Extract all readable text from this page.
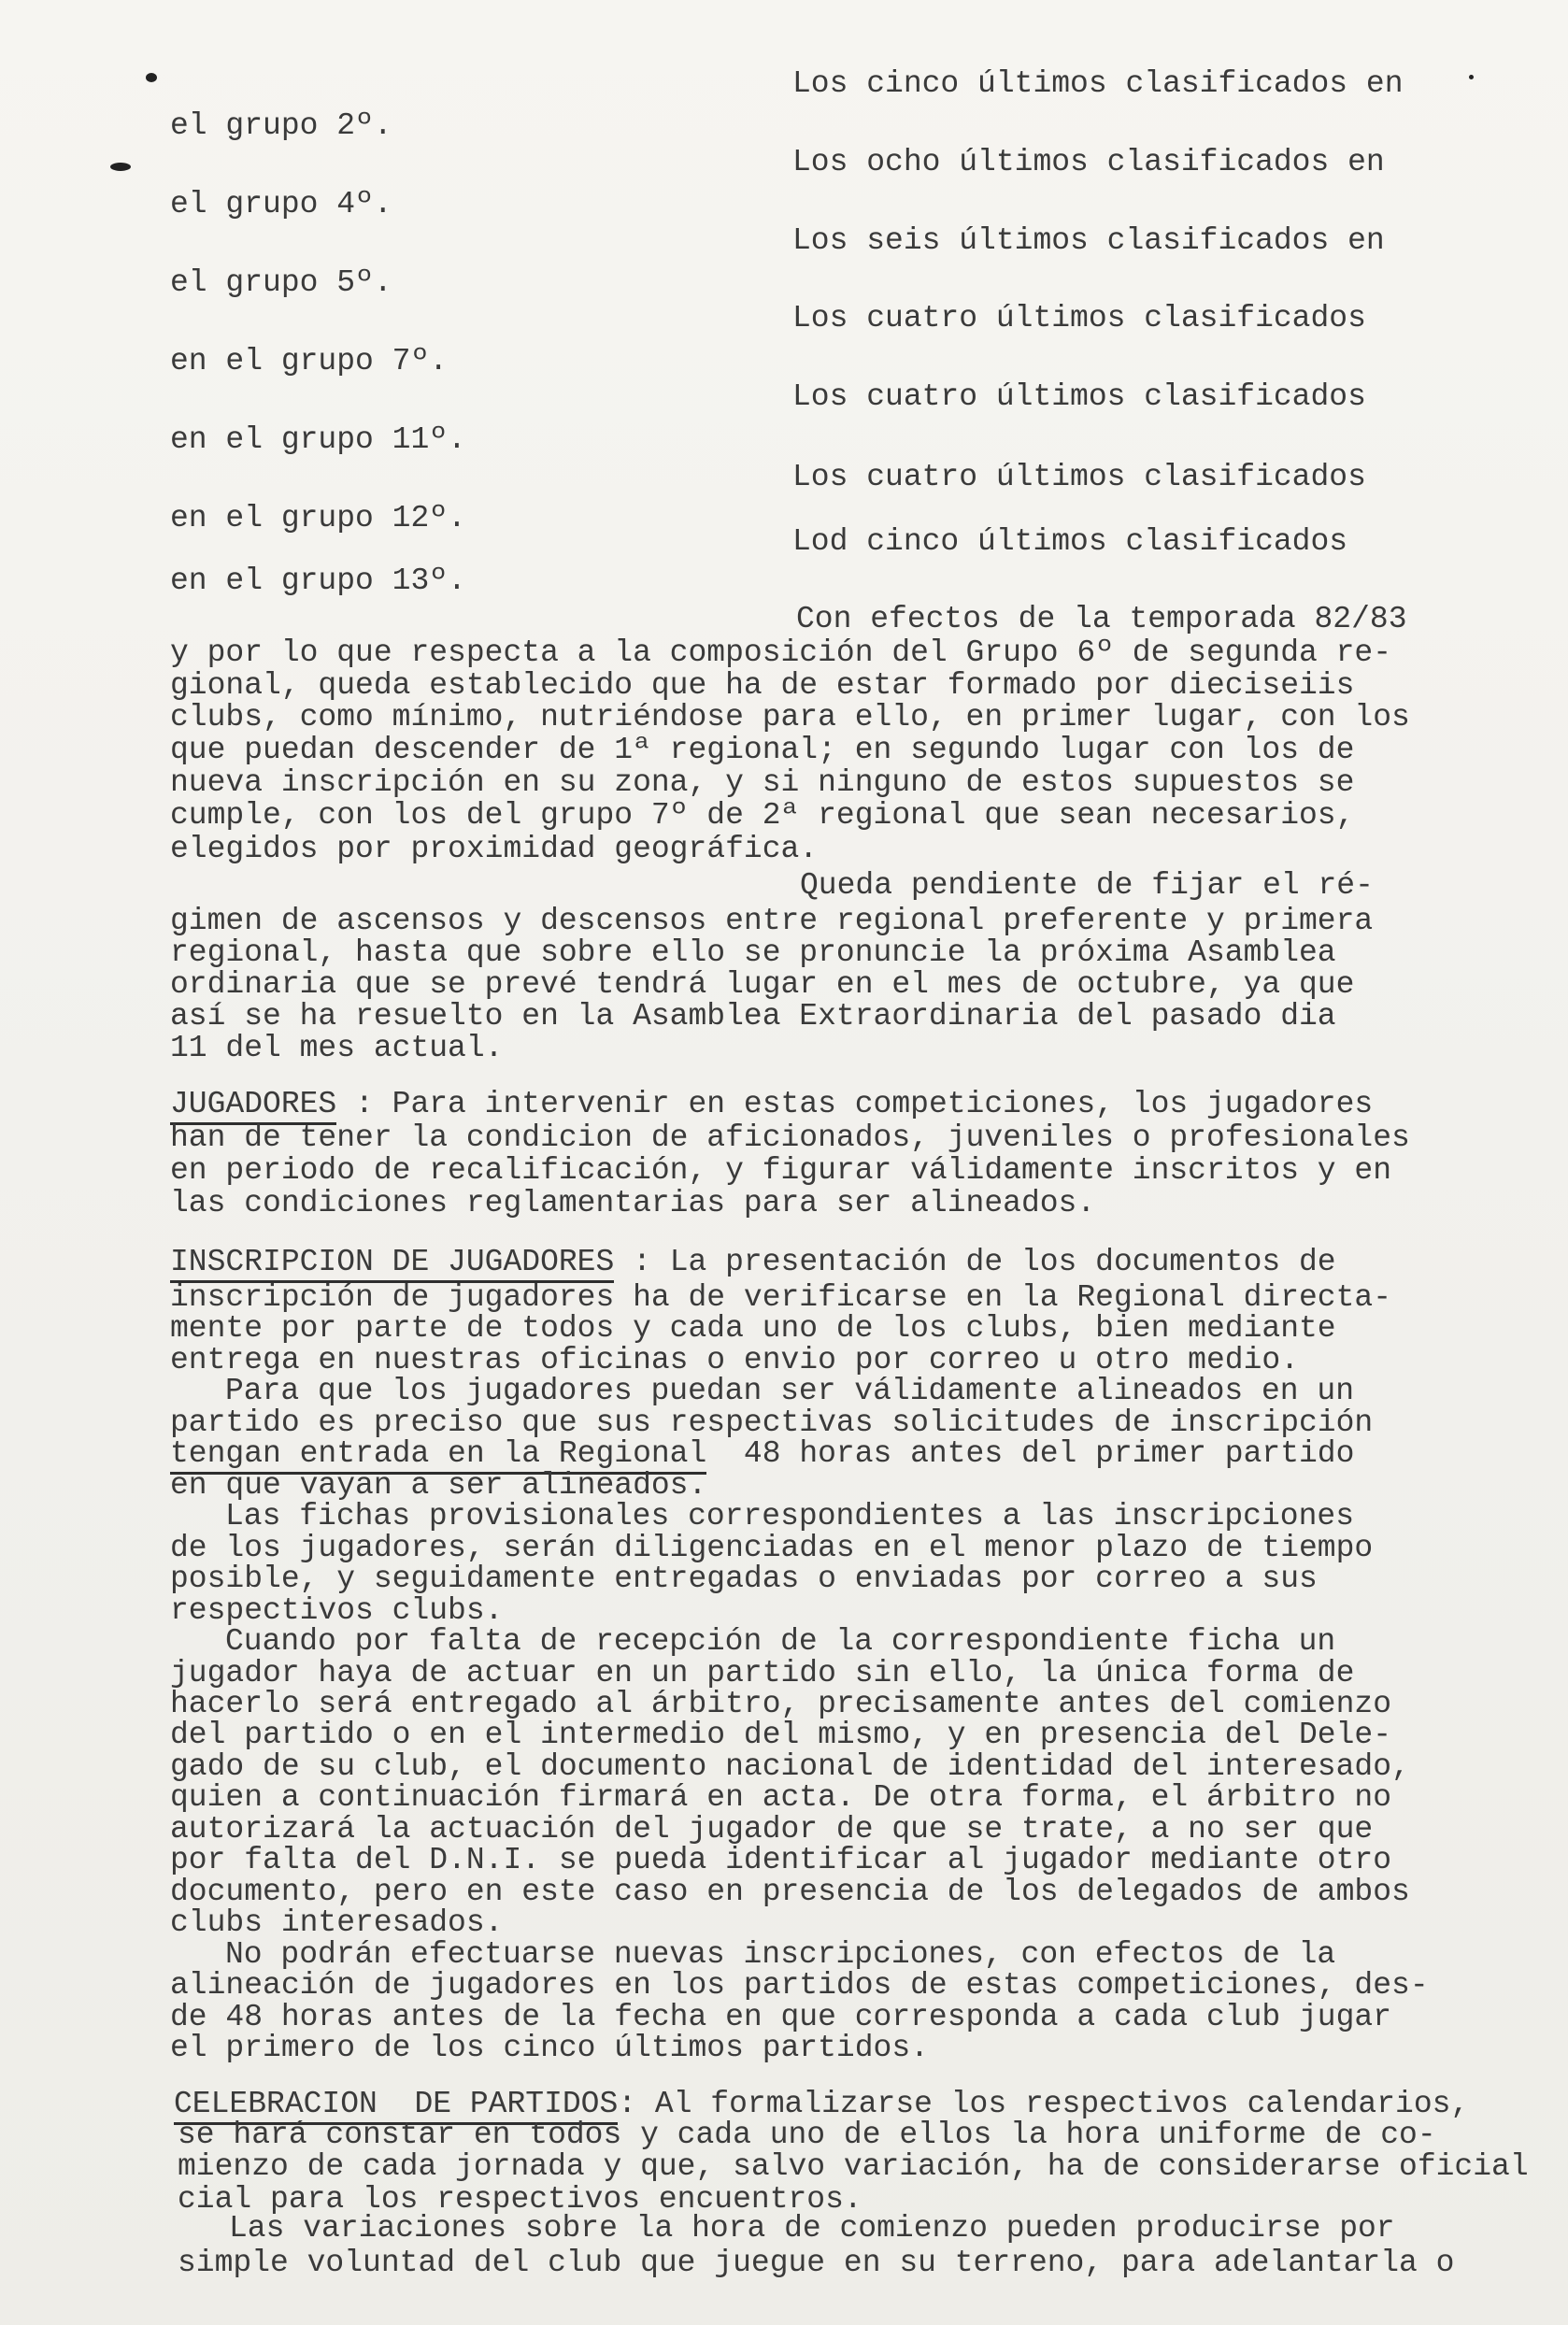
Los cinco últimos clasificados en
el grupo 2º.
Los ocho últimos clasificados en
el grupo 4º.
Los seis últimos clasificados en
el grupo 5º.
Los cuatro últimos clasificados
en el grupo 7º.
Los cuatro últimos clasificados
en el grupo 11º.
Los cuatro últimos clasificados
en el grupo 12º.
Lod cinco últimos clasificados
en el grupo 13º.
Con efectos de la temporada 82/83
y por lo que respecta a la composición del Grupo 6º de segunda re-
gional, queda establecido que ha de estar formado por dieciseiis
clubs, como mínimo, nutriéndose para ello, en primer lugar, con los
que puedan descender de 1ª regional; en segundo lugar con los de
nueva inscripción en su zona, y si ninguno de estos supuestos se
cumple, con los del grupo 7º de 2ª regional que sean necesarios,
elegidos por proximidad geográfica.
Queda pendiente de fijar el ré-
gimen de ascensos y descensos entre regional preferente y primera
regional, hasta que sobre ello se pronuncie la próxima Asamblea
ordinaria que se prevé tendrá lugar en el mes de octubre, ya que
así se ha resuelto en la Asamblea Extraordinaria del pasado dia
11 del mes actual.
JUGADORES : Para intervenir en estas competiciones, los jugadores
han de tener la condicion de aficionados, juveniles o profesionales
en periodo de recalificación, y figurar válidamente inscritos y en
las condiciones reglamentarias para ser alineados.
INSCRIPCION DE JUGADORES : La presentación de los documentos de
inscripción de jugadores ha de verificarse en la Regional directa-
mente por parte de todos y cada uno de los clubs, bien mediante
entrega en nuestras oficinas o envio por correo u otro medio.
Para que los jugadores puedan ser válidamente alineados en un
partido es preciso que sus respectivas solicitudes de inscripción
tengan entrada en la Regional  48 horas antes del primer partido
en que vayan a ser alineados.
Las fichas provisionales correspondientes a las inscripciones
de los jugadores, serán diligenciadas en el menor plazo de tiempo
posible, y seguidamente entregadas o enviadas por correo a sus
respectivos clubs.
Cuando por falta de recepción de la correspondiente ficha un
jugador haya de actuar en un partido sin ello, la única forma de
hacerlo será entregado al árbitro, precisamente antes del comienzo
del partido o en el intermedio del mismo, y en presencia del Dele-
gado de su club, el documento nacional de identidad del interesado,
quien a continuación firmará en acta. De otra forma, el árbitro no
autorizará la actuación del jugador de que se trate, a no ser que
por falta del D.N.I. se pueda identificar al jugador mediante otro
documento, pero en este caso en presencia de los delegados de ambos
clubs interesados.
No podrán efectuarse nuevas inscripciones, con efectos de la
alineación de jugadores en los partidos de estas competiciones, des-
de 48 horas antes de la fecha en que corresponda a cada club jugar
el primero de los cinco últimos partidos.
CELEBRACION  DE PARTIDOS: Al formalizarse los respectivos calendarios,
se hará constar en todos y cada uno de ellos la hora uniforme de co-
mienzo de cada jornada y que, salvo variación, ha de considerarse oficial
cial para los respectivos encuentros.
Las variaciones sobre la hora de comienzo pueden producirse por
simple voluntad del club que juegue en su terreno, para adelantarla o
